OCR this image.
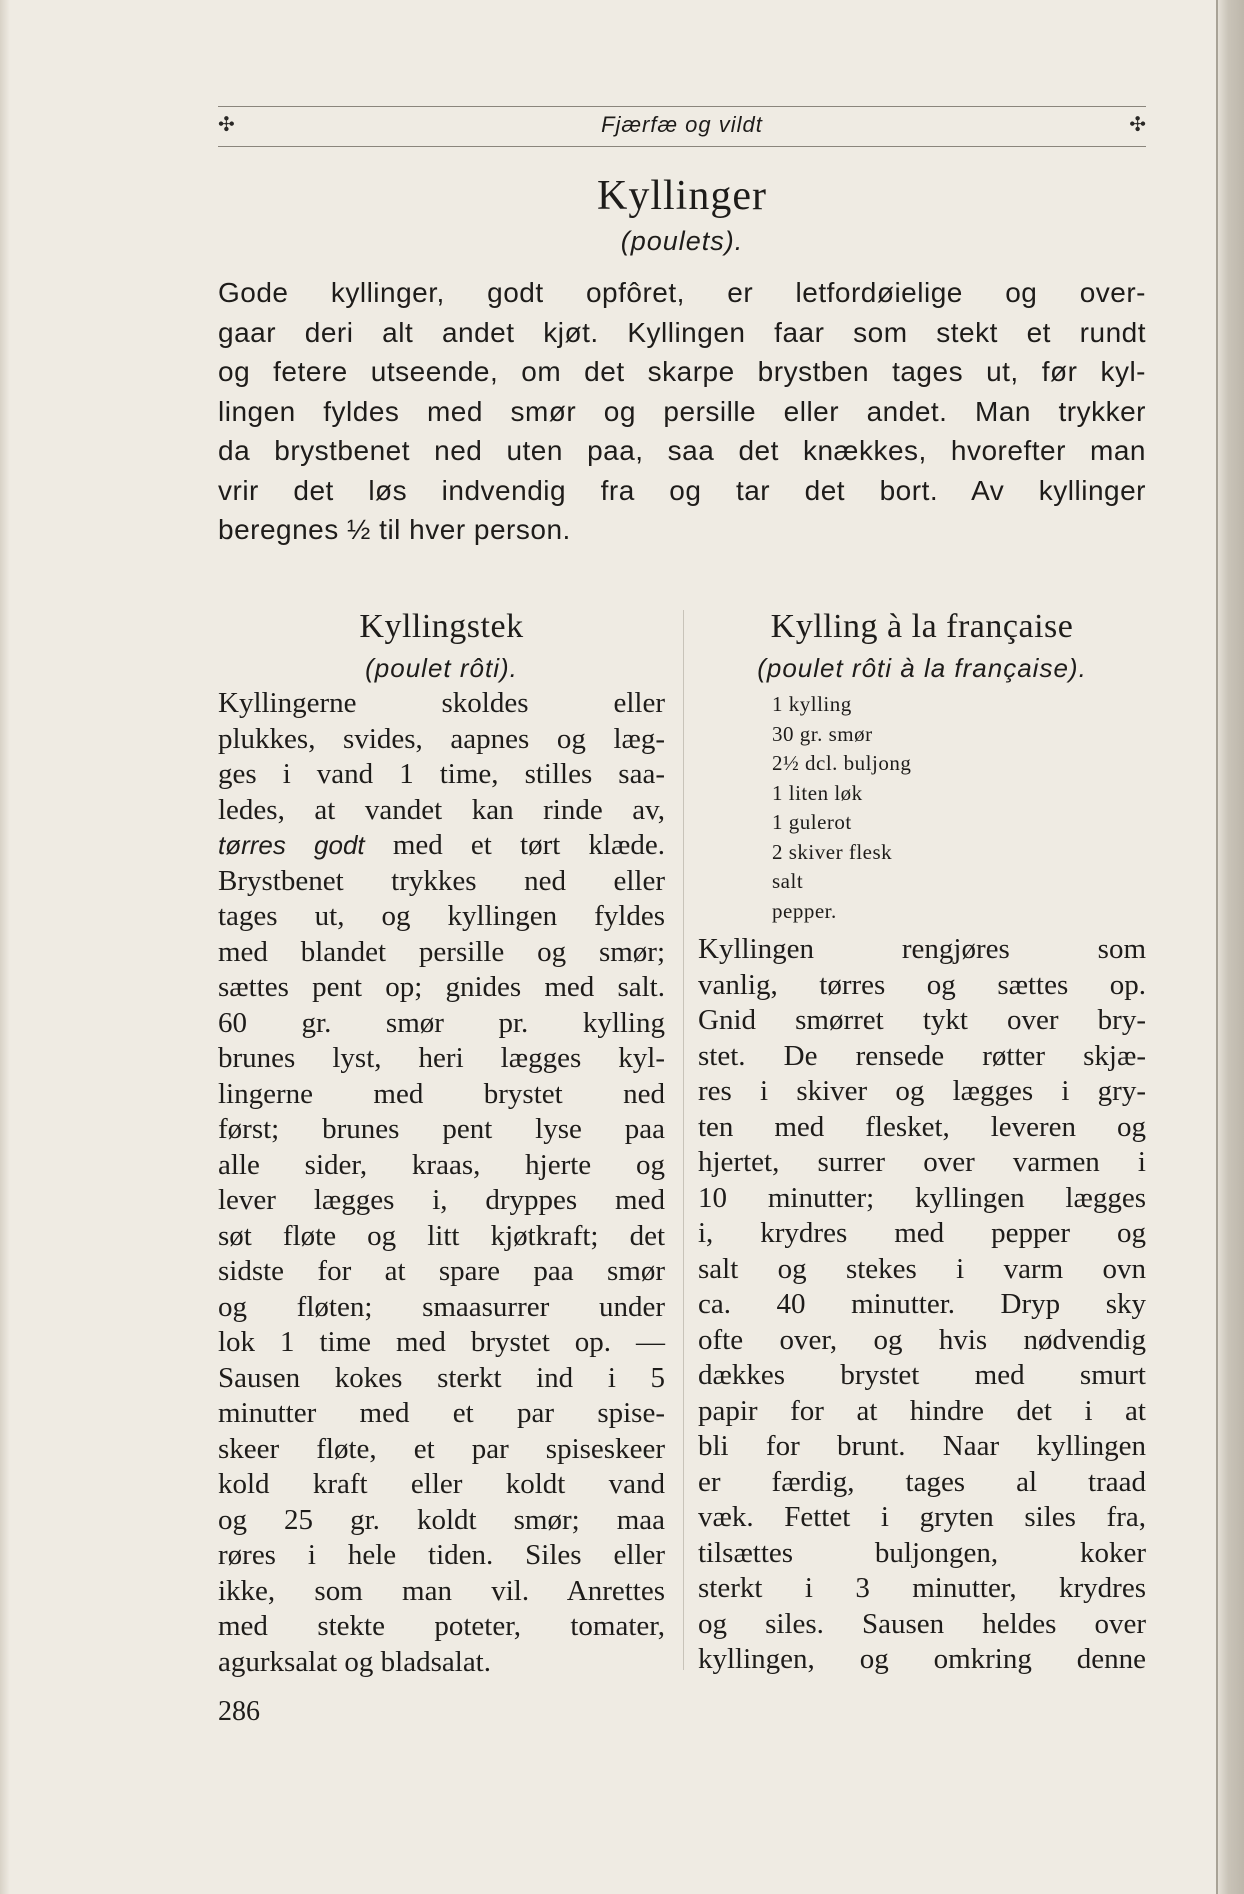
✣	Fjærfæ og vildt	✣
Kyllinger
(poulets).
Gode kyllinger, godt opfôret, er letfordøielige og over-
gaar deri alt andet kjøt. Kyllingen faar som stekt et rundt
og fetere utseende, om det skarpe brystben tages ut, før kyl-
lingen fyldes med smør og persille eller andet. Man trykker
da brystbenet ned uten paa, saa det knækkes, hvorefter man
vrir det løs indvendig fra og tar det bort. Av kyllinger
beregnes ½ til hver person.
Kyllingstek
(poulet rôti).
Kyllingerne skoldes eller
plukkes, svides, aapnes og læg-
ges i vand 1 time, stilles saa-
ledes, at vandet kan rinde av,
tørres godt med et tørt klæde.
Brystbenet trykkes ned eller
tages ut, og kyllingen fyldes
med blandet persille og smør;
sættes pent op; gnides med salt.
60 gr. smør pr. kylling
brunes lyst, heri lægges kyl-
lingerne med brystet ned
først; brunes pent lyse paa
alle sider, kraas, hjerte og
lever lægges i, dryppes med
søt fløte og litt kjøtkraft; det
sidste for at spare paa smør
og fløten; smaasurrer under
lok 1 time med brystet op. —
Sausen kokes sterkt ind i 5
minutter med et par spise-
skeer fløte, et par spiseskeer
kold kraft eller koldt vand
og 25 gr. koldt smør; maa
røres i hele tiden. Siles eller
ikke, som man vil. Anrettes
med stekte poteter, tomater,
agurksalat og bladsalat.
Kylling à la française
(poulet rôti à la française).
1 kylling
30 gr. smør
2½ dcl. buljong
1 liten løk
1 gulerot
2 skiver flesk
salt
pepper.
Kyllingen rengjøres som
vanlig, tørres og sættes op.
Gnid smørret tykt over bry-
stet. De rensede røtter skjæ-
res i skiver og lægges i gry-
ten med flesket, leveren og
hjertet, surrer over varmen i
10 minutter; kyllingen lægges
i, krydres med pepper og
salt og stekes i varm ovn
ca. 40 minutter. Dryp sky
ofte over, og hvis nødvendig
dækkes brystet med smurt
papir for at hindre det i at
bli for brunt. Naar kyllingen
er færdig, tages al traad
væk. Fettet i gryten siles fra,
tilsættes buljongen, koker
sterkt i 3 minutter, krydres
og siles. Sausen heldes over
kyllingen, og omkring denne
286
